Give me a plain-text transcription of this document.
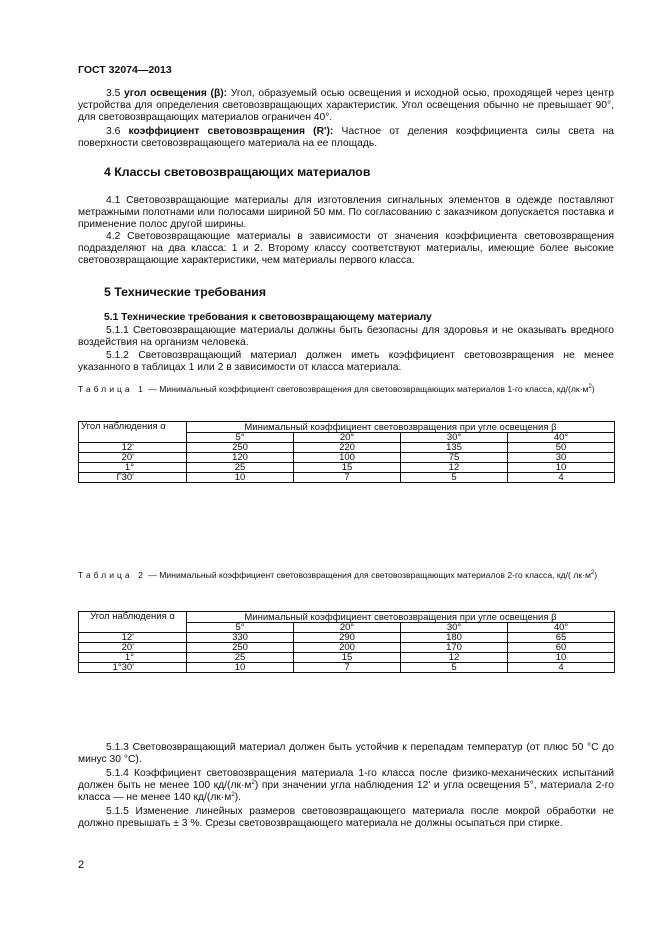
ГОСТ 32074—2013
3.5 угол освещения (β): Угол, образуемый осью освещения и исходной осью, проходящей через центр устройства для определения световозвращающих характеристик. Угол освещения обычно не превышает 90°, для световозвращающих материалов ограничен 40°.
3.6 коэффициент световозвращения (R'): Частное от деления коэффициента силы света на поверхности световозвращающего материала на ее площадь.
4 Классы световозвращающих материалов
4.1 Световозвращающие материалы для изготовления сигнальных элементов в одежде поставляют метражными полотнами или полосами шириной 50 мм. По согласованию с заказчиком допускается поставка и применение полос другой ширины.
4.2 Световозвращающие материалы в зависимости от значения коэффициента световозвращения подразделяют на два класса: 1 и 2. Второму классу соответствуют материалы, имеющие более высокие световозвращающие характеристики, чем материалы первого класса.
5 Технические требования
5.1 Технические требования к световозвращающему материалу
5.1.1 Световозвращающие материалы должны быть безопасны для здоровья и не оказывать вредного воздействия на организм человека.
5.1.2 Световозвращающий материал должен иметь коэффициент световозвращения не менее указанного в таблицах 1 или 2 в зависимости от класса материала.
Таблица 1 — Минимальный коэффициент световозвращения для световозвращающих материалов 1-го класса, $кд/(лк\cdot м^2)$
Угол наблюдения α	Минимальный коэффициент световозвращения при угле освещения β			
	5°	20°	30°	40°
12'	250	220	135	50
20'	120	100	75	30
1°	25	15	12	10
Г30'	10	7	5	4
Таблица 2 — Минимальный коэффициент световозвращения для световозвращающих материалов 2-го класса, кд/( $лк\cdot м^2$)
Угол наблюдения α	Минимальный коэффициент световозвращения при угле освещения β			
	5°	20°	30°	40°
12'	330	290	180	65
20'	250	200	170	60
1°	25	15	12	10
1°30'	10	7	5	4
5.1.3 Световозвращающий материал должен быть устойчив к перепадам температур (от плюс 50 °С до минус 30 °С).
5.1.4 Коэффициент световозвращения материала 1-го класса после физико-механических испытаний должен быть не менее 100 $кд/(лк\cdot м^2)$ при значении угла наблюдения 12' и угла освещения 5°, материала 2-го класса — не менее 140 $кд/(лк\cdot м^2)$.
5.1.5 Изменение линейных размеров световозвращающего материала после мокрой обработки не должно превышать ± 3 %. Срезы световозвращающего материала не должны осыпаться при стирке.
2
